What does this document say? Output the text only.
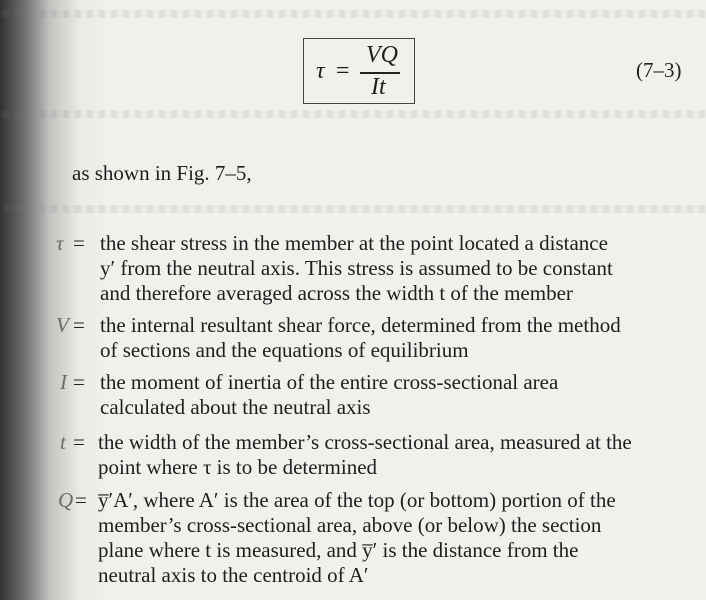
τ =
VQ
It
(7–3)
as shown in Fig. 7–5,
τ = the shear stress in the member at the point located a distance
y′ from the neutral axis. This stress is assumed to be constant
and therefore averaged across the width t of the member
V = the internal resultant shear force, determined from the method
of sections and the equations of equilibrium
I = the moment of inertia of the entire cross-sectional area
calculated about the neutral axis
t = the width of the member’s cross-sectional area, measured at the
point where τ is to be determined
Q = y̅′A′, where A′ is the area of the top (or bottom) portion of the
member’s cross-sectional area, above (or below) the section
plane where t is measured, and y̅′ is the distance from the
neutral axis to the centroid of A′
